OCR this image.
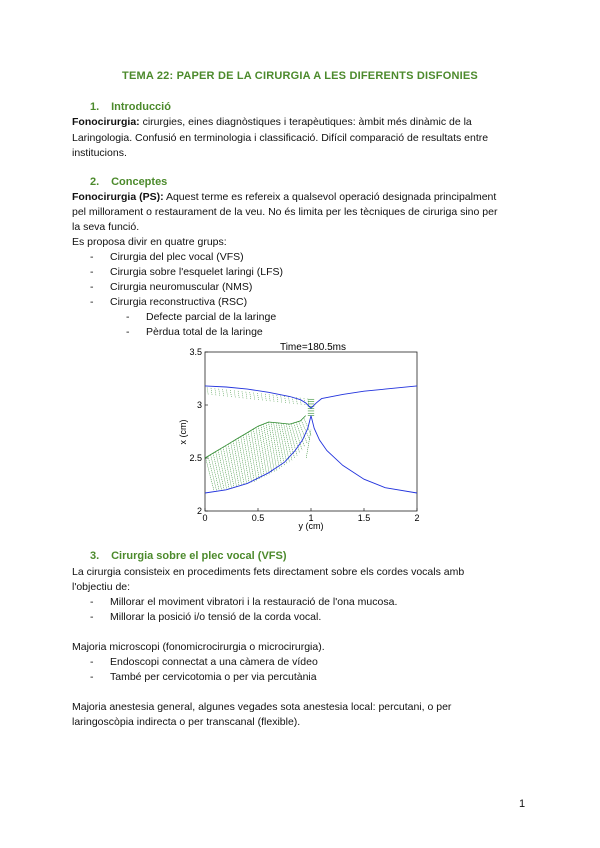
TEMA 22: PAPER DE LA CIRURGIA A LES DIFERENTS DISFONIES
1. Introducció
Fonocirurgia: cirurgies, eines diagnòstiques i terapèutiques: àmbit més dinàmic de la
Laringologia. Confusió en terminologia i classificació. Difícil comparació de resultats entre
institucions.
2. Conceptes
Fonocirurgia (PS): Aquest terme es refereix a qualsevol operació designada principalment
pel millorament o restaurament de la veu. No és limita per les tècniques de ciruriga sino per
la seva funció.
Es proposa divir en quatre grups:
- Cirurgia del plec vocal (VFS)
- Cirurgia sobre l'esquelet laringi (LFS)
- Cirurgia neuromuscular (NMS)
- Cirurgia reconstructiva (RSC)
- Defecte parcial de la laringe
- Pèrdua total de la laringe
Time=180.5ms
y (cm)
x (cm)
0	0.5	1	1.5	2
2
2.5
3
3.5
3. Cirurgia sobre el plec vocal (VFS)
La cirurgia consisteix en procediments fets directament sobre els cordes vocals amb
l'objectiu de:
- Millorar el moviment vibratori i la restauració de l'ona mucosa.
- Millorar la posició i/o tensió de la corda vocal.
Majoria microscopi (fonomicrocirurgia o microcirurgia).
- Endoscopi connectat a una càmera de vídeo
- També per cervicotomia o per via percutània
Majoria anestesia general, algunes vegades sota anestesia local: percutani, o per
laringoscòpia indirecta o per transcanal (flexible).
1
